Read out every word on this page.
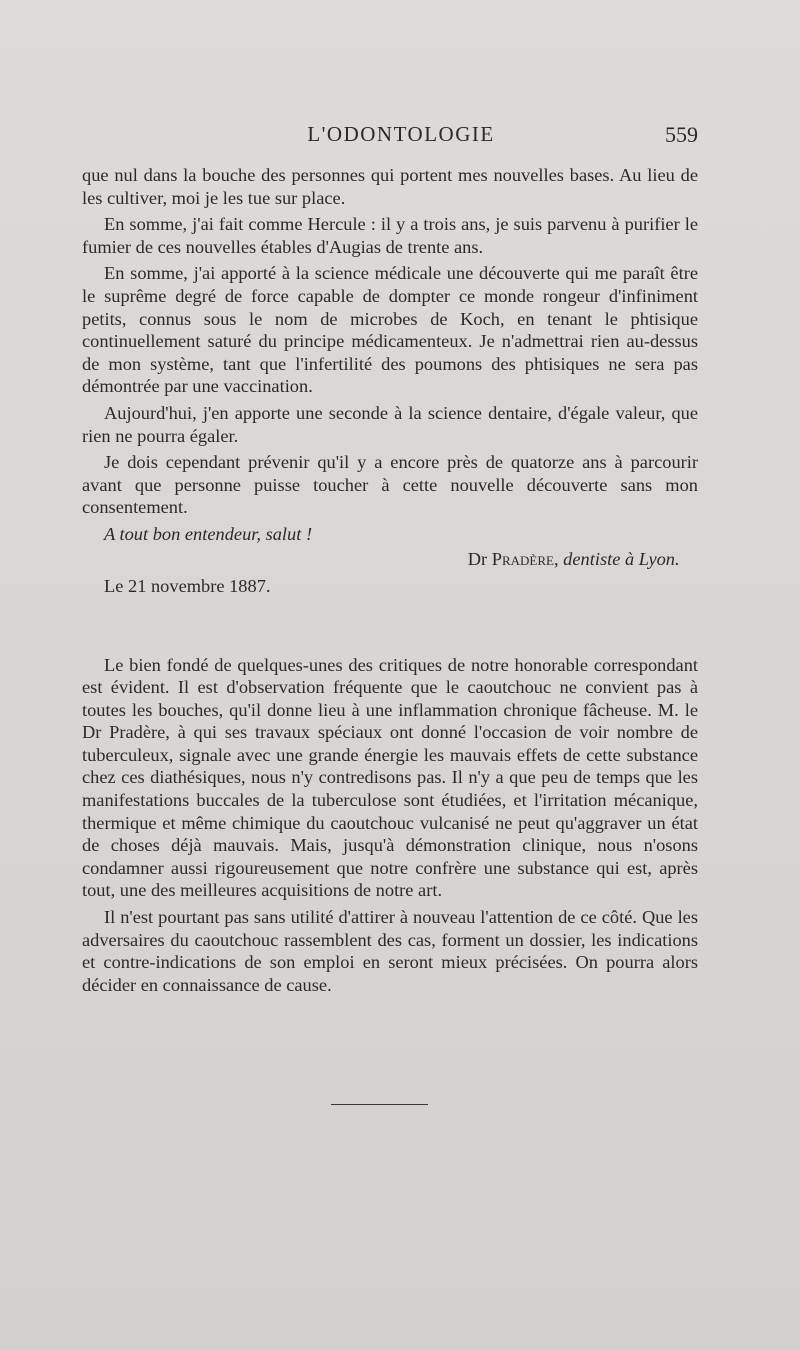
L'ODONTOLOGIE	559

que nul dans la bouche des personnes qui portent mes nouvelles bases. Au lieu de les cultiver, moi je les tue sur place.

En somme, j'ai fait comme Hercule : il y a trois ans, je suis parvenu à purifier le fumier de ces nouvelles étables d'Augias de trente ans.

En somme, j'ai apporté à la science médicale une découverte qui me paraît être le suprême degré de force capable de dompter ce monde rongeur d'infiniment petits, connus sous le nom de microbes de Koch, en tenant le phtisique continuellement saturé du principe médicamenteux. Je n'admettrai rien au-dessus de mon système, tant que l'infertilité des poumons des phtisiques ne sera pas démontrée par une vaccination.

Aujourd'hui, j'en apporte une seconde à la science dentaire, d'égale valeur, que rien ne pourra égaler.

Je dois cependant prévenir qu'il y a encore près de quatorze ans à parcourir avant que personne puisse toucher à cette nouvelle découverte sans mon consentement.

A tout bon entendeur, salut !

Dr Pradère, dentiste à Lyon. 

Le 21 novembre 1887.

Le bien fondé de quelques-unes des critiques de notre honorable correspondant est évident. Il est d'observation fréquente que le caoutchouc ne convient pas à toutes les bouches, qu'il donne lieu à une inflammation chronique fâcheuse. M. le Dr Pradère, à qui ses travaux spéciaux ont donné l'occasion de voir nombre de tuberculeux, signale avec une grande énergie les mauvais effets de cette substance chez ces diathésiques, nous n'y contredisons pas. Il n'y a que peu de temps que les manifestations buccales de la tuberculose sont étudiées, et l'irritation mécanique, thermique et même chimique du caoutchouc vulcanisé ne peut qu'aggraver un état de choses déjà mauvais. Mais, jusqu'à démonstration clinique, nous n'osons condamner aussi rigoureusement que notre confrère une substance qui est, après tout, une des meilleures acquisitions de notre art.

Il n'est pourtant pas sans utilité d'attirer à nouveau l'attention de ce côté. Que les adversaires du caoutchouc rassemblent des cas, forment un dossier, les indications et contre-indications de son emploi en seront mieux précisées. On pourra alors décider en connaissance de cause.
